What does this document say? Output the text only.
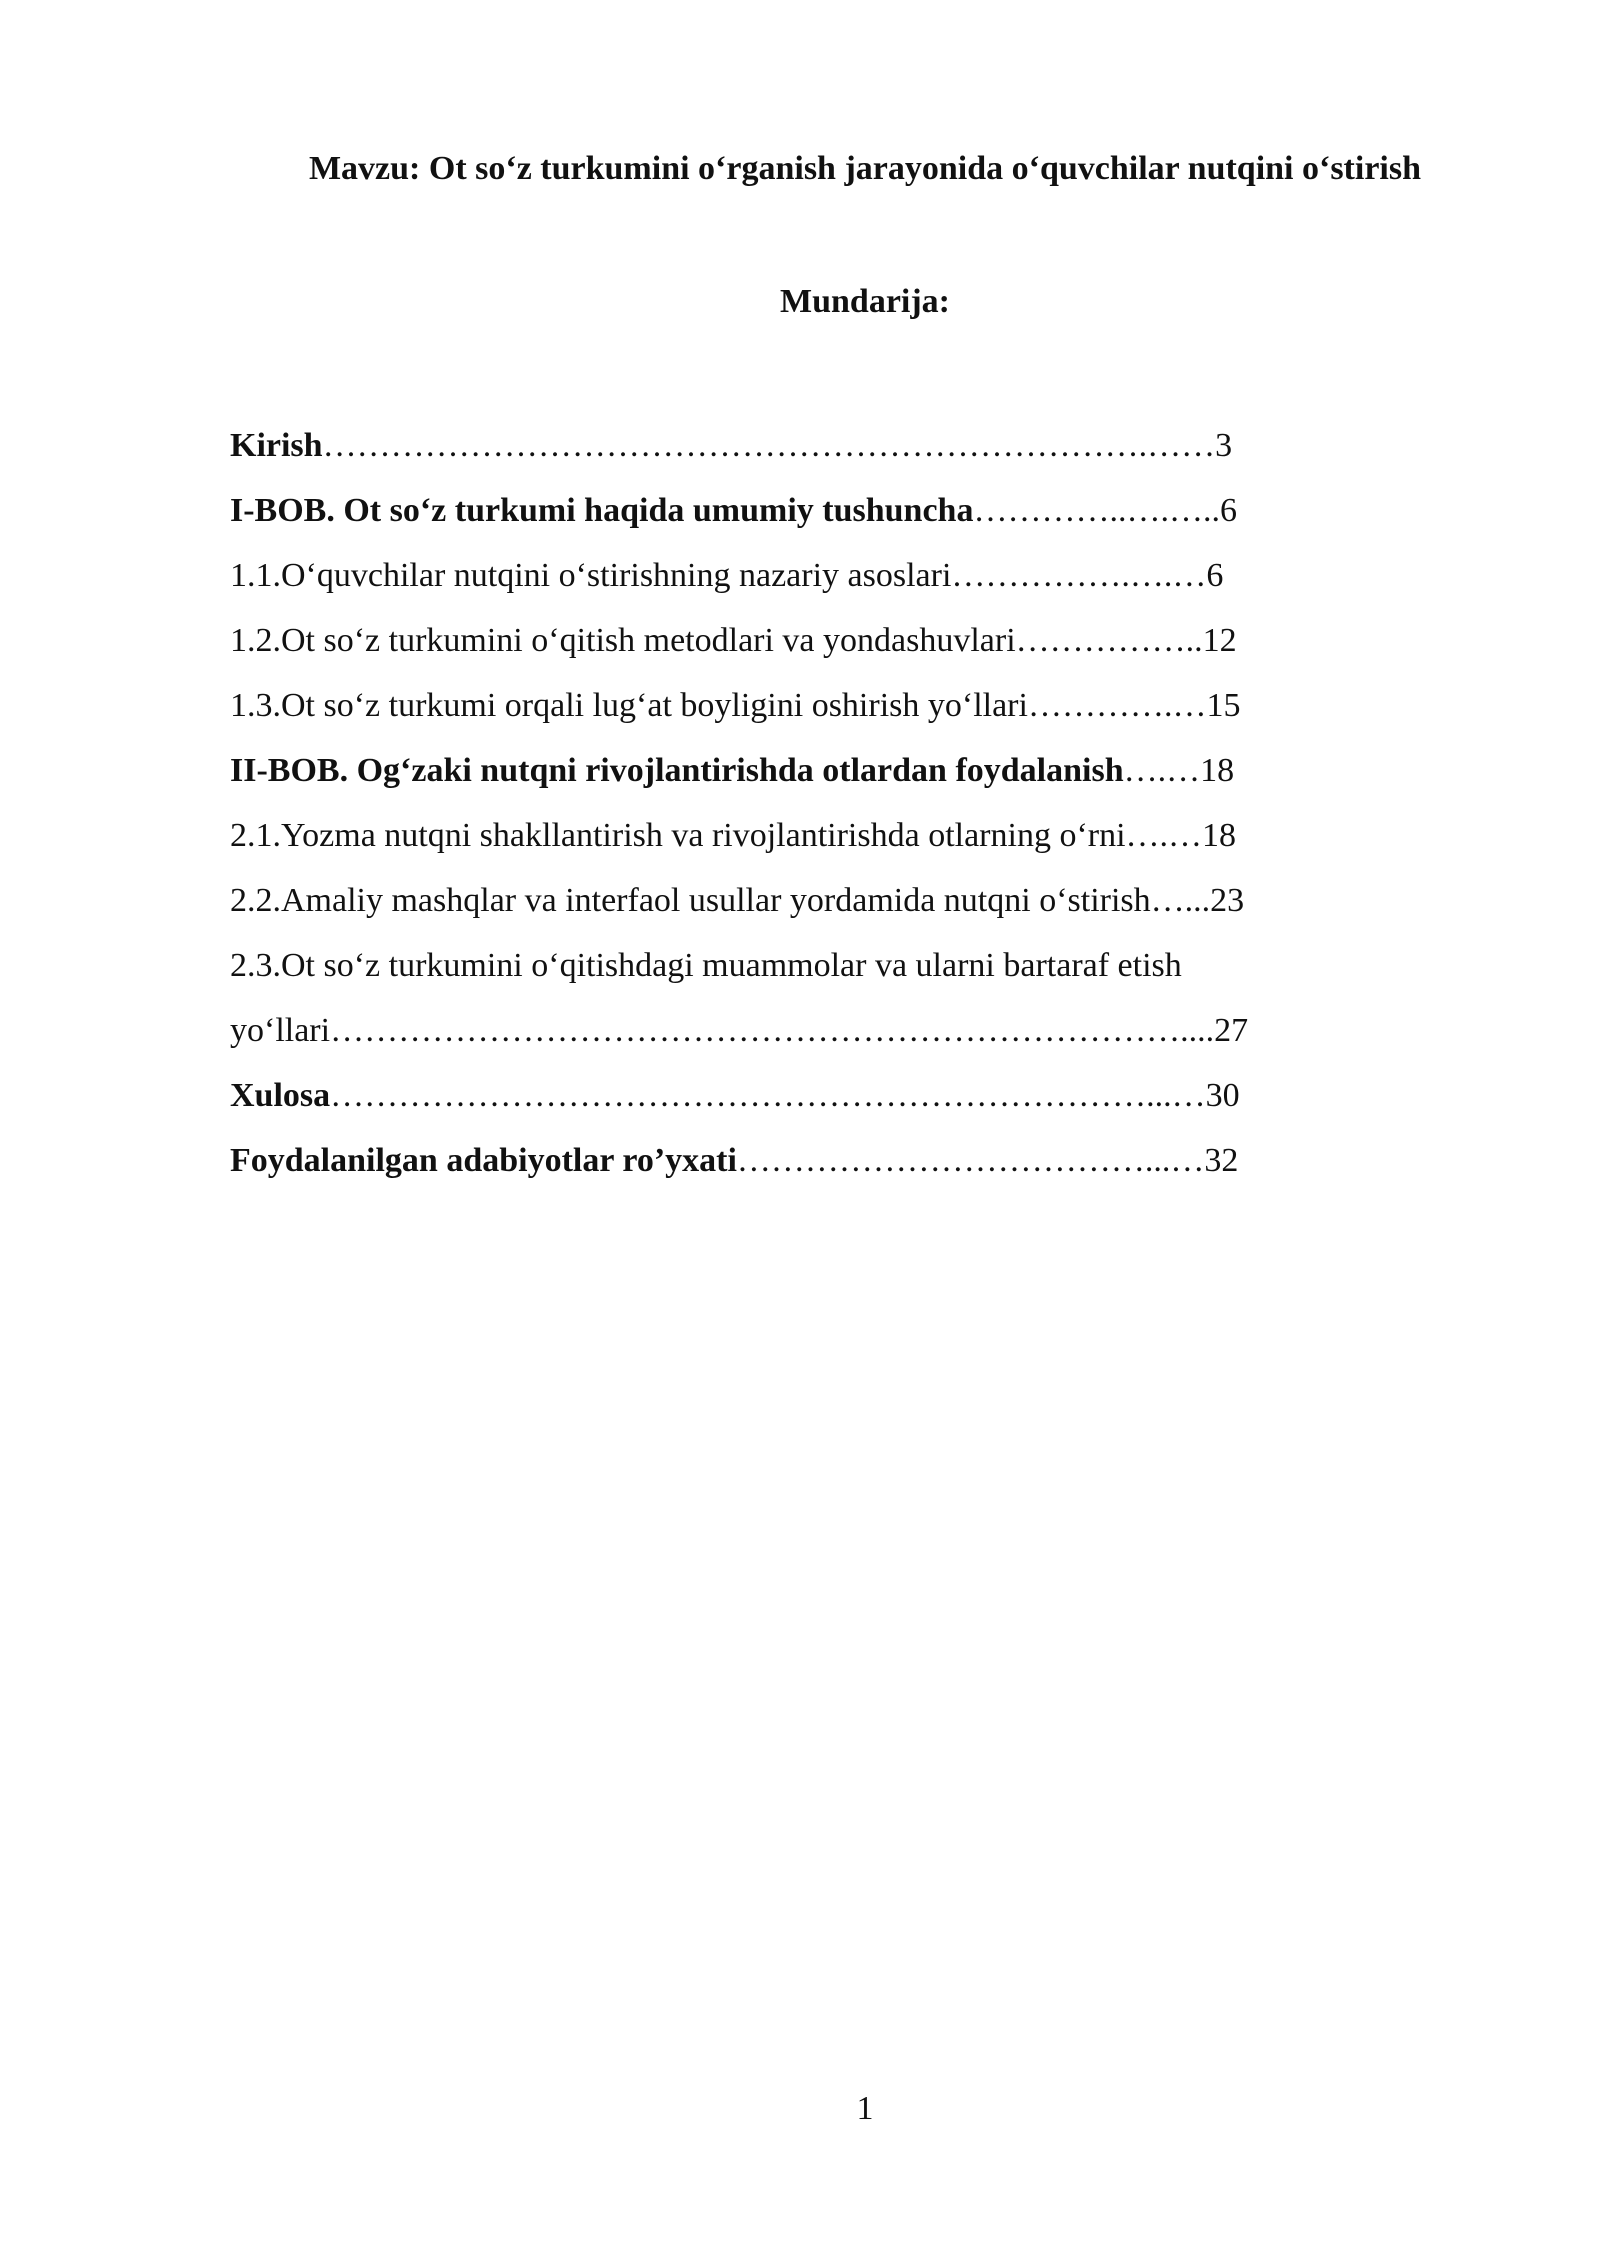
Mavzu: Ot so‘z turkumini o‘rganish jarayonida o‘quvchilar nutqini o‘stirish
Mundarija:
Kirish……………………………………………………………….……3
I-BOB. Ot so‘z turkumi haqida umumiy tushuncha…………..….…..6
1.1.O‘quvchilar nutqini o‘stirishning nazariy asoslari…………….….…6
1.2.Ot so‘z turkumini o‘qitish metodlari va yondashuvlari……………..12
1.3.Ot so‘z turkumi orqali lug‘at boyligini oshirish yo‘llari………….…15
II-BOB. Og‘zaki nutqni rivojlantirishda otlardan foydalanish….…18
2.1.Yozma nutqni shakllantirish va rivojlantirishda otlarning o‘rni….…18
2.2.Amaliy mashqlar va interfaol usullar yordamida nutqni o‘stirish…...23
2.3.Ot so‘z turkumini o‘qitishdagi muammolar va ularni bartaraf etish
yo‘llari…………………………………………………………………....27
Xulosa………………………………………………………………...…30
Foydalanilgan adabiyotlar ro’yxati………………………………...…32
1
